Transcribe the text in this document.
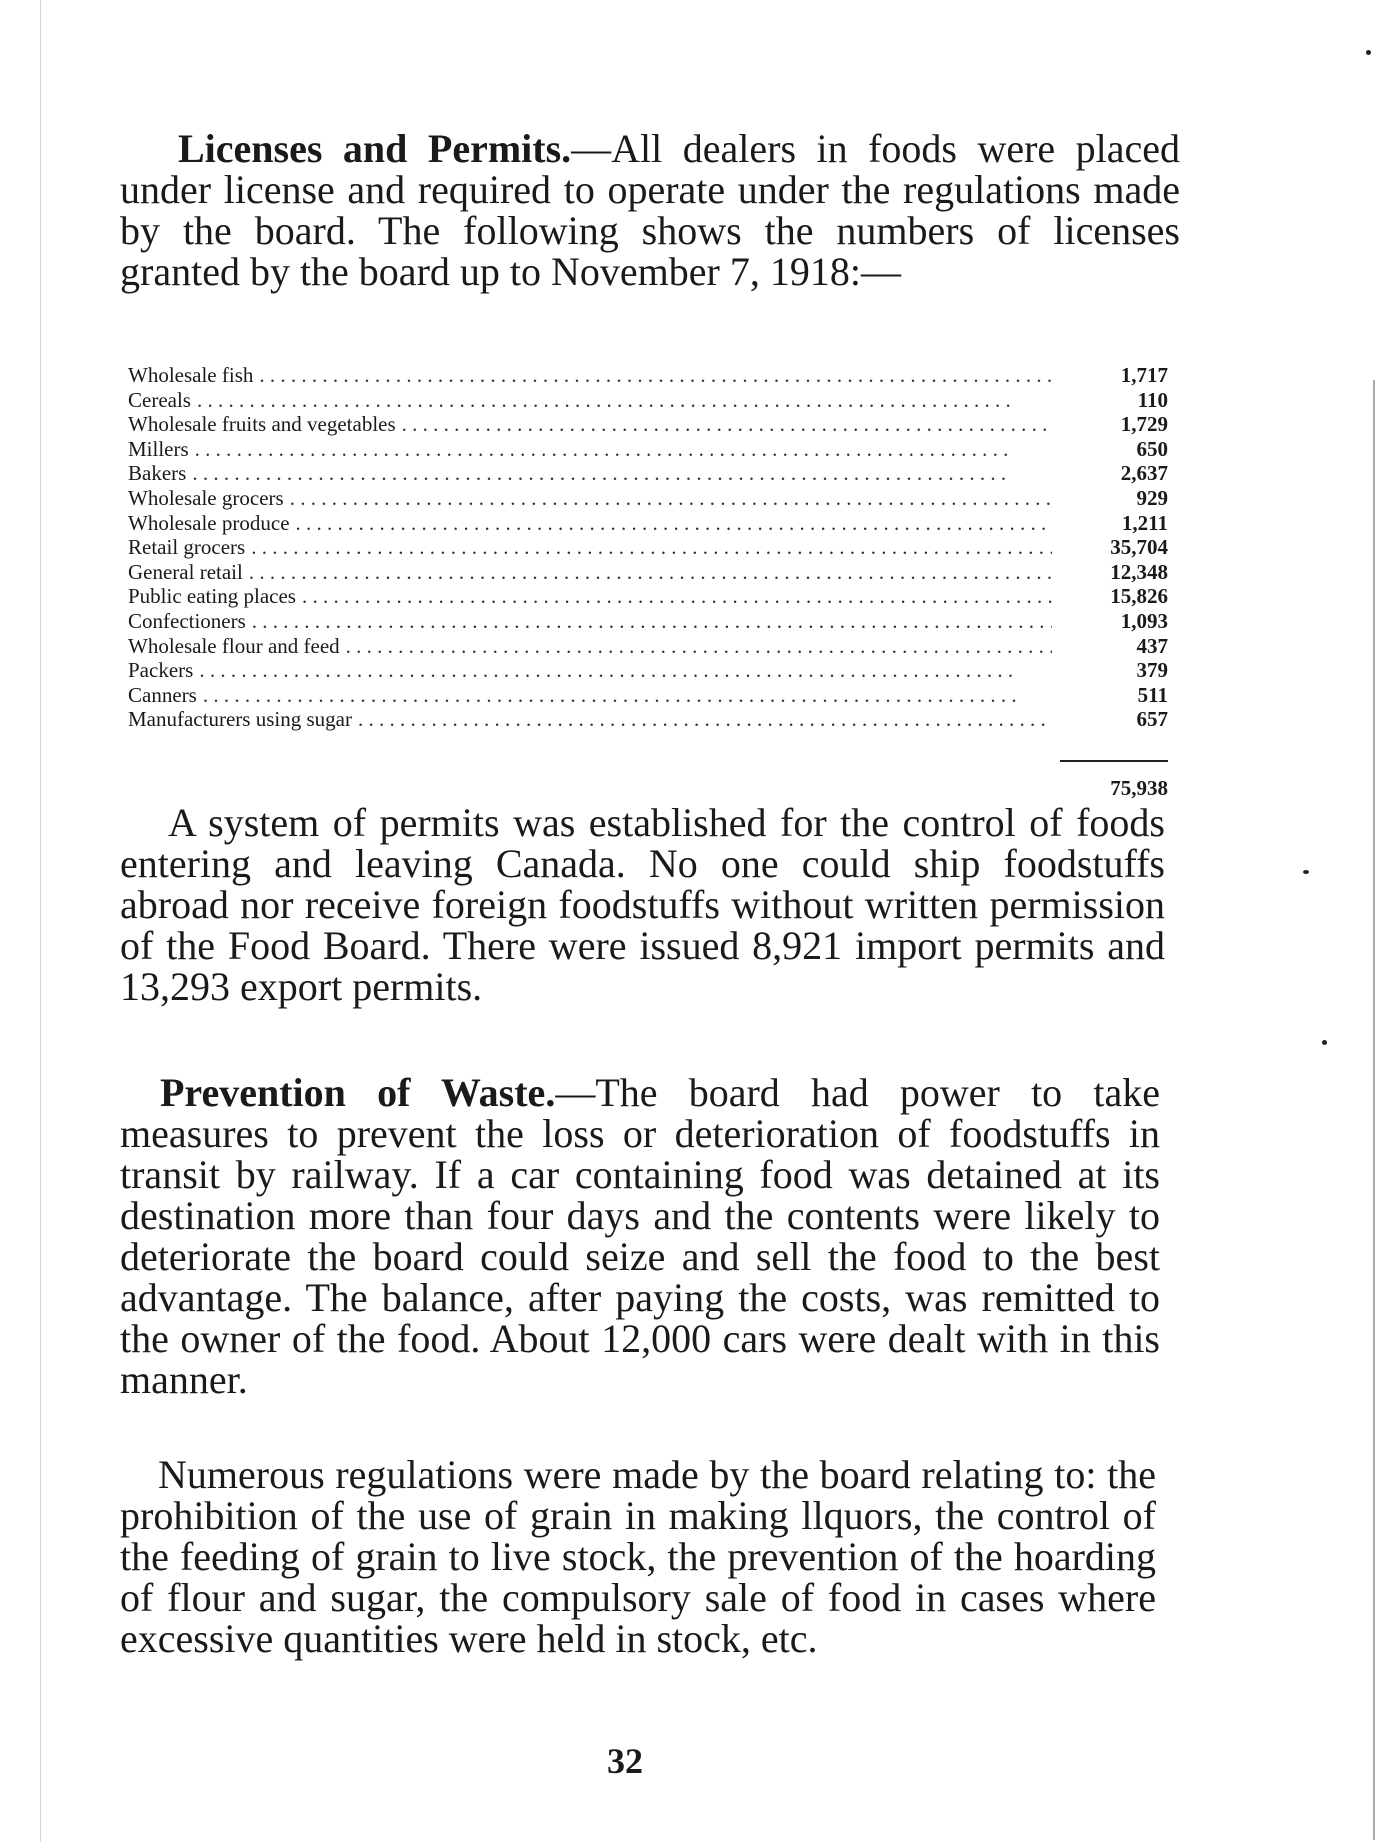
Licenses and Permits.—All dealers in foods were placed under license and required to operate under the regulations made by the board. The following shows the numbers of licenses granted by the board up to November 7, 1918:—

Wholesale fish . . .	1,717
Cereals . . .	110
Wholesale fruits and vegetables . . .	1,729
Millers . . .	650
Bakers . . .	2,637
Wholesale grocers . . .	929
Wholesale produce . . .	1,211
Retail grocers . . .	35,704
General retail . . .	12,348
Public eating places . . .	15,826
Confectioners . . .	1,093
Wholesale flour and feed . . .	437
Packers . . .	379
Canners . . .	511
Manufacturers using sugar . . .	657
75,938

A system of permits was established for the control of foods entering and leaving Canada. No one could ship foodstuffs abroad nor receive foreign foodstuffs without written permission of the Food Board. There were issued 8,921 import permits and 13,293 export permits.

Prevention of Waste.—The board had power to take measures to prevent the loss or deterioration of foodstuffs in transit by railway. If a car containing food was detained at its destination more than four days and the contents were likely to deteriorate the board could seize and sell the food to the best advantage. The balance, after paying the costs, was remitted to the owner of the food. About 12,000 cars were dealt with in this manner.

Numerous regulations were made by the board relating to: the prohibition of the use of grain in making llquors, the control of the feeding of grain to live stock, the prevention of the hoarding of flour and sugar, the compulsory sale of food in cases where excessive quantities were held in stock, etc.

32
